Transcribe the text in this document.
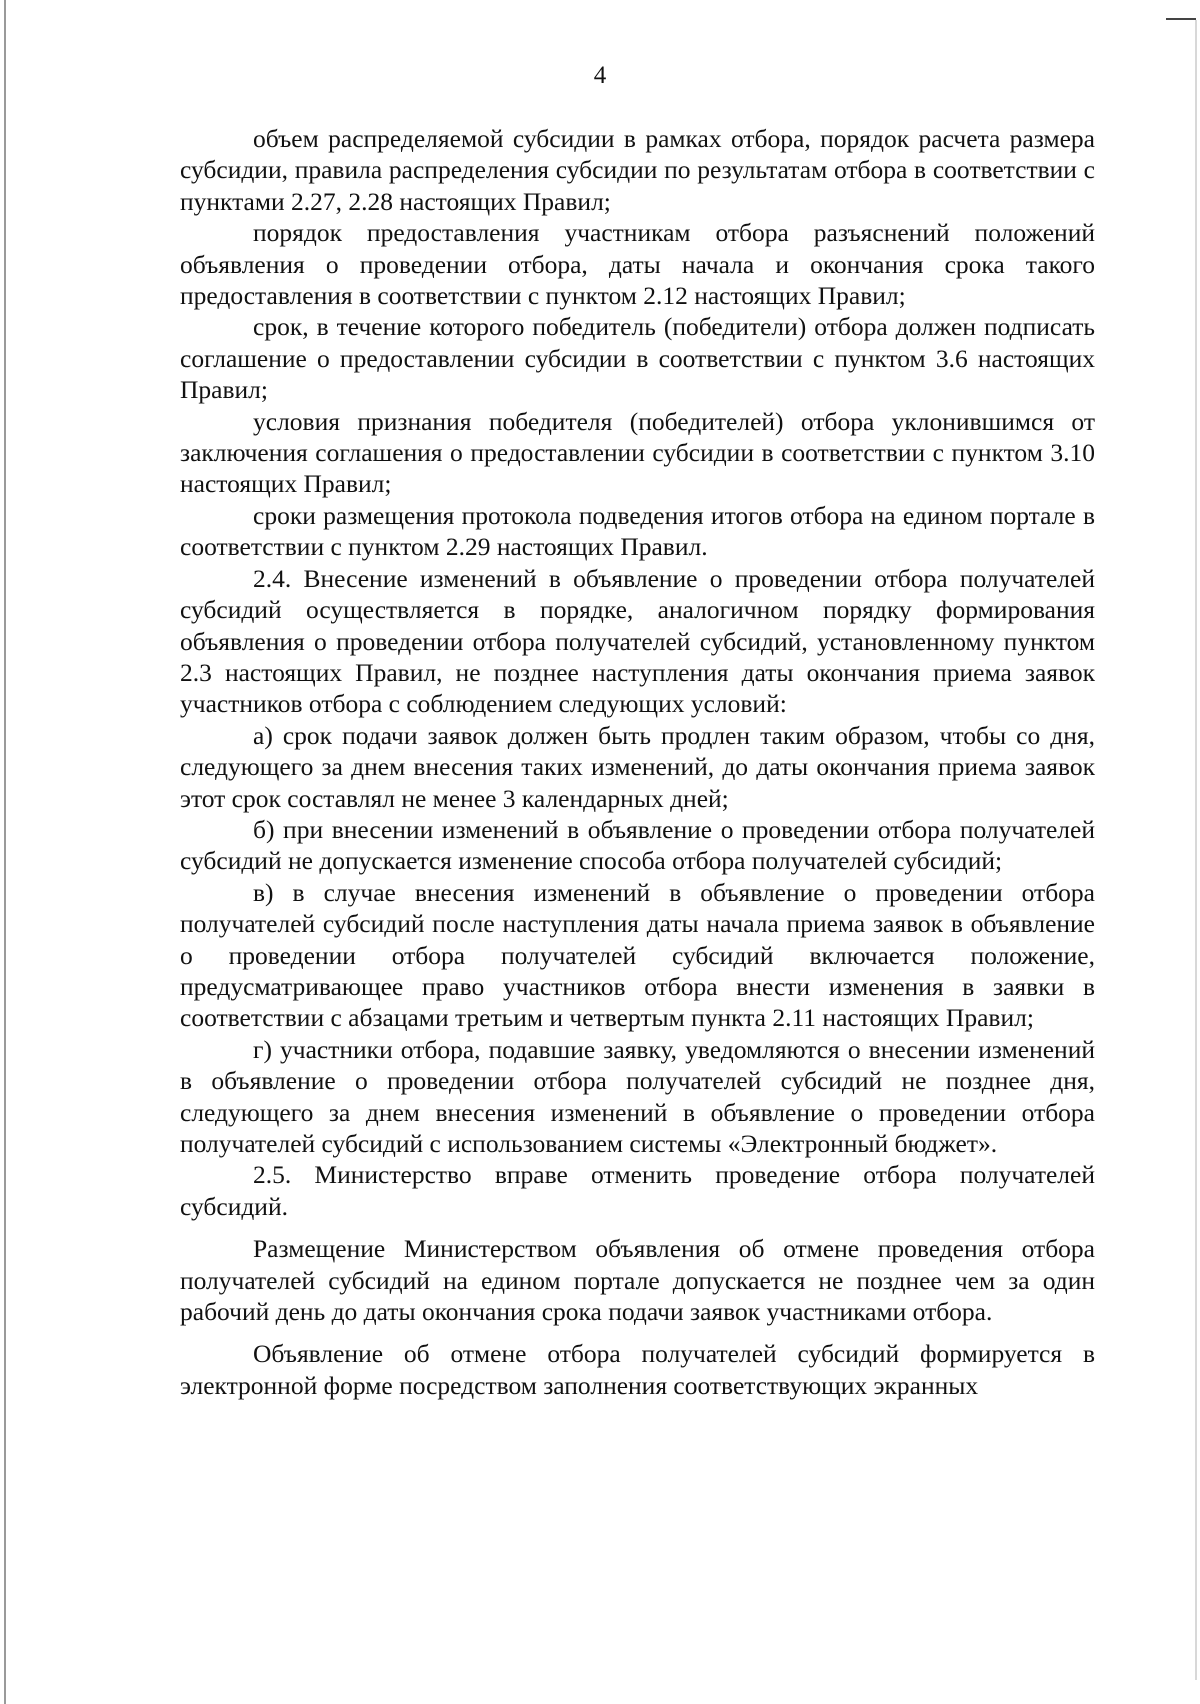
4

объем распределяемой субсидии в рамках отбора, порядок расчета размера субсидии, правила распределения субсидии по результатам отбора в соответствии с пунктами 2.27, 2.28 настоящих Правил;

порядок предоставления участникам отбора разъяснений положений объявления о проведении отбора, даты начала и окончания срока такого предоставления в соответствии с пунктом 2.12 настоящих Правил;

срок, в течение которого победитель (победители) отбора должен подписать соглашение о предоставлении субсидии в соответствии с пунктом 3.6 настоящих Правил;

условия признания победителя (победителей) отбора уклонившимся от заключения соглашения о предоставлении субсидии в соответствии с пунктом 3.10 настоящих Правил;

сроки размещения протокола подведения итогов отбора на едином портале в соответствии с пунктом 2.29 настоящих Правил.

2.4. Внесение изменений в объявление о проведении отбора получателей субсидий осуществляется в порядке, аналогичном порядку формирования объявления о проведении отбора получателей субсидий, установленному пунктом 2.3 настоящих Правил, не позднее наступления даты окончания приема заявок участников отбора с соблюдением следующих условий:

а) срок подачи заявок должен быть продлен таким образом, чтобы со дня, следующего за днем внесения таких изменений, до даты окончания приема заявок этот срок составлял не менее 3 календарных дней;

б) при внесении изменений в объявление о проведении отбора получателей субсидий не допускается изменение способа отбора получателей субсидий;

в) в случае внесения изменений в объявление о проведении отбора получателей субсидий после наступления даты начала приема заявок в объявление о проведении отбора получателей субсидий включается положение, предусматривающее право участников отбора внести изменения в заявки в соответствии с абзацами третьим и четвертым пункта 2.11 настоящих Правил;

г) участники отбора, подавшие заявку, уведомляются о внесении изменений в объявление о проведении отбора получателей субсидий не позднее дня, следующего за днем внесения изменений в объявление о проведении отбора получателей субсидий с использованием системы «Электронный бюджет».

2.5. Министерство вправе отменить проведение отбора получателей субсидий.

Размещение Министерством объявления об отмене проведения отбора получателей субсидий на едином портале допускается не позднее чем за один рабочий день до даты окончания срока подачи заявок участниками отбора.

Объявление об отмене отбора получателей субсидий формируется в электронной форме посредством заполнения соответствующих экранных
